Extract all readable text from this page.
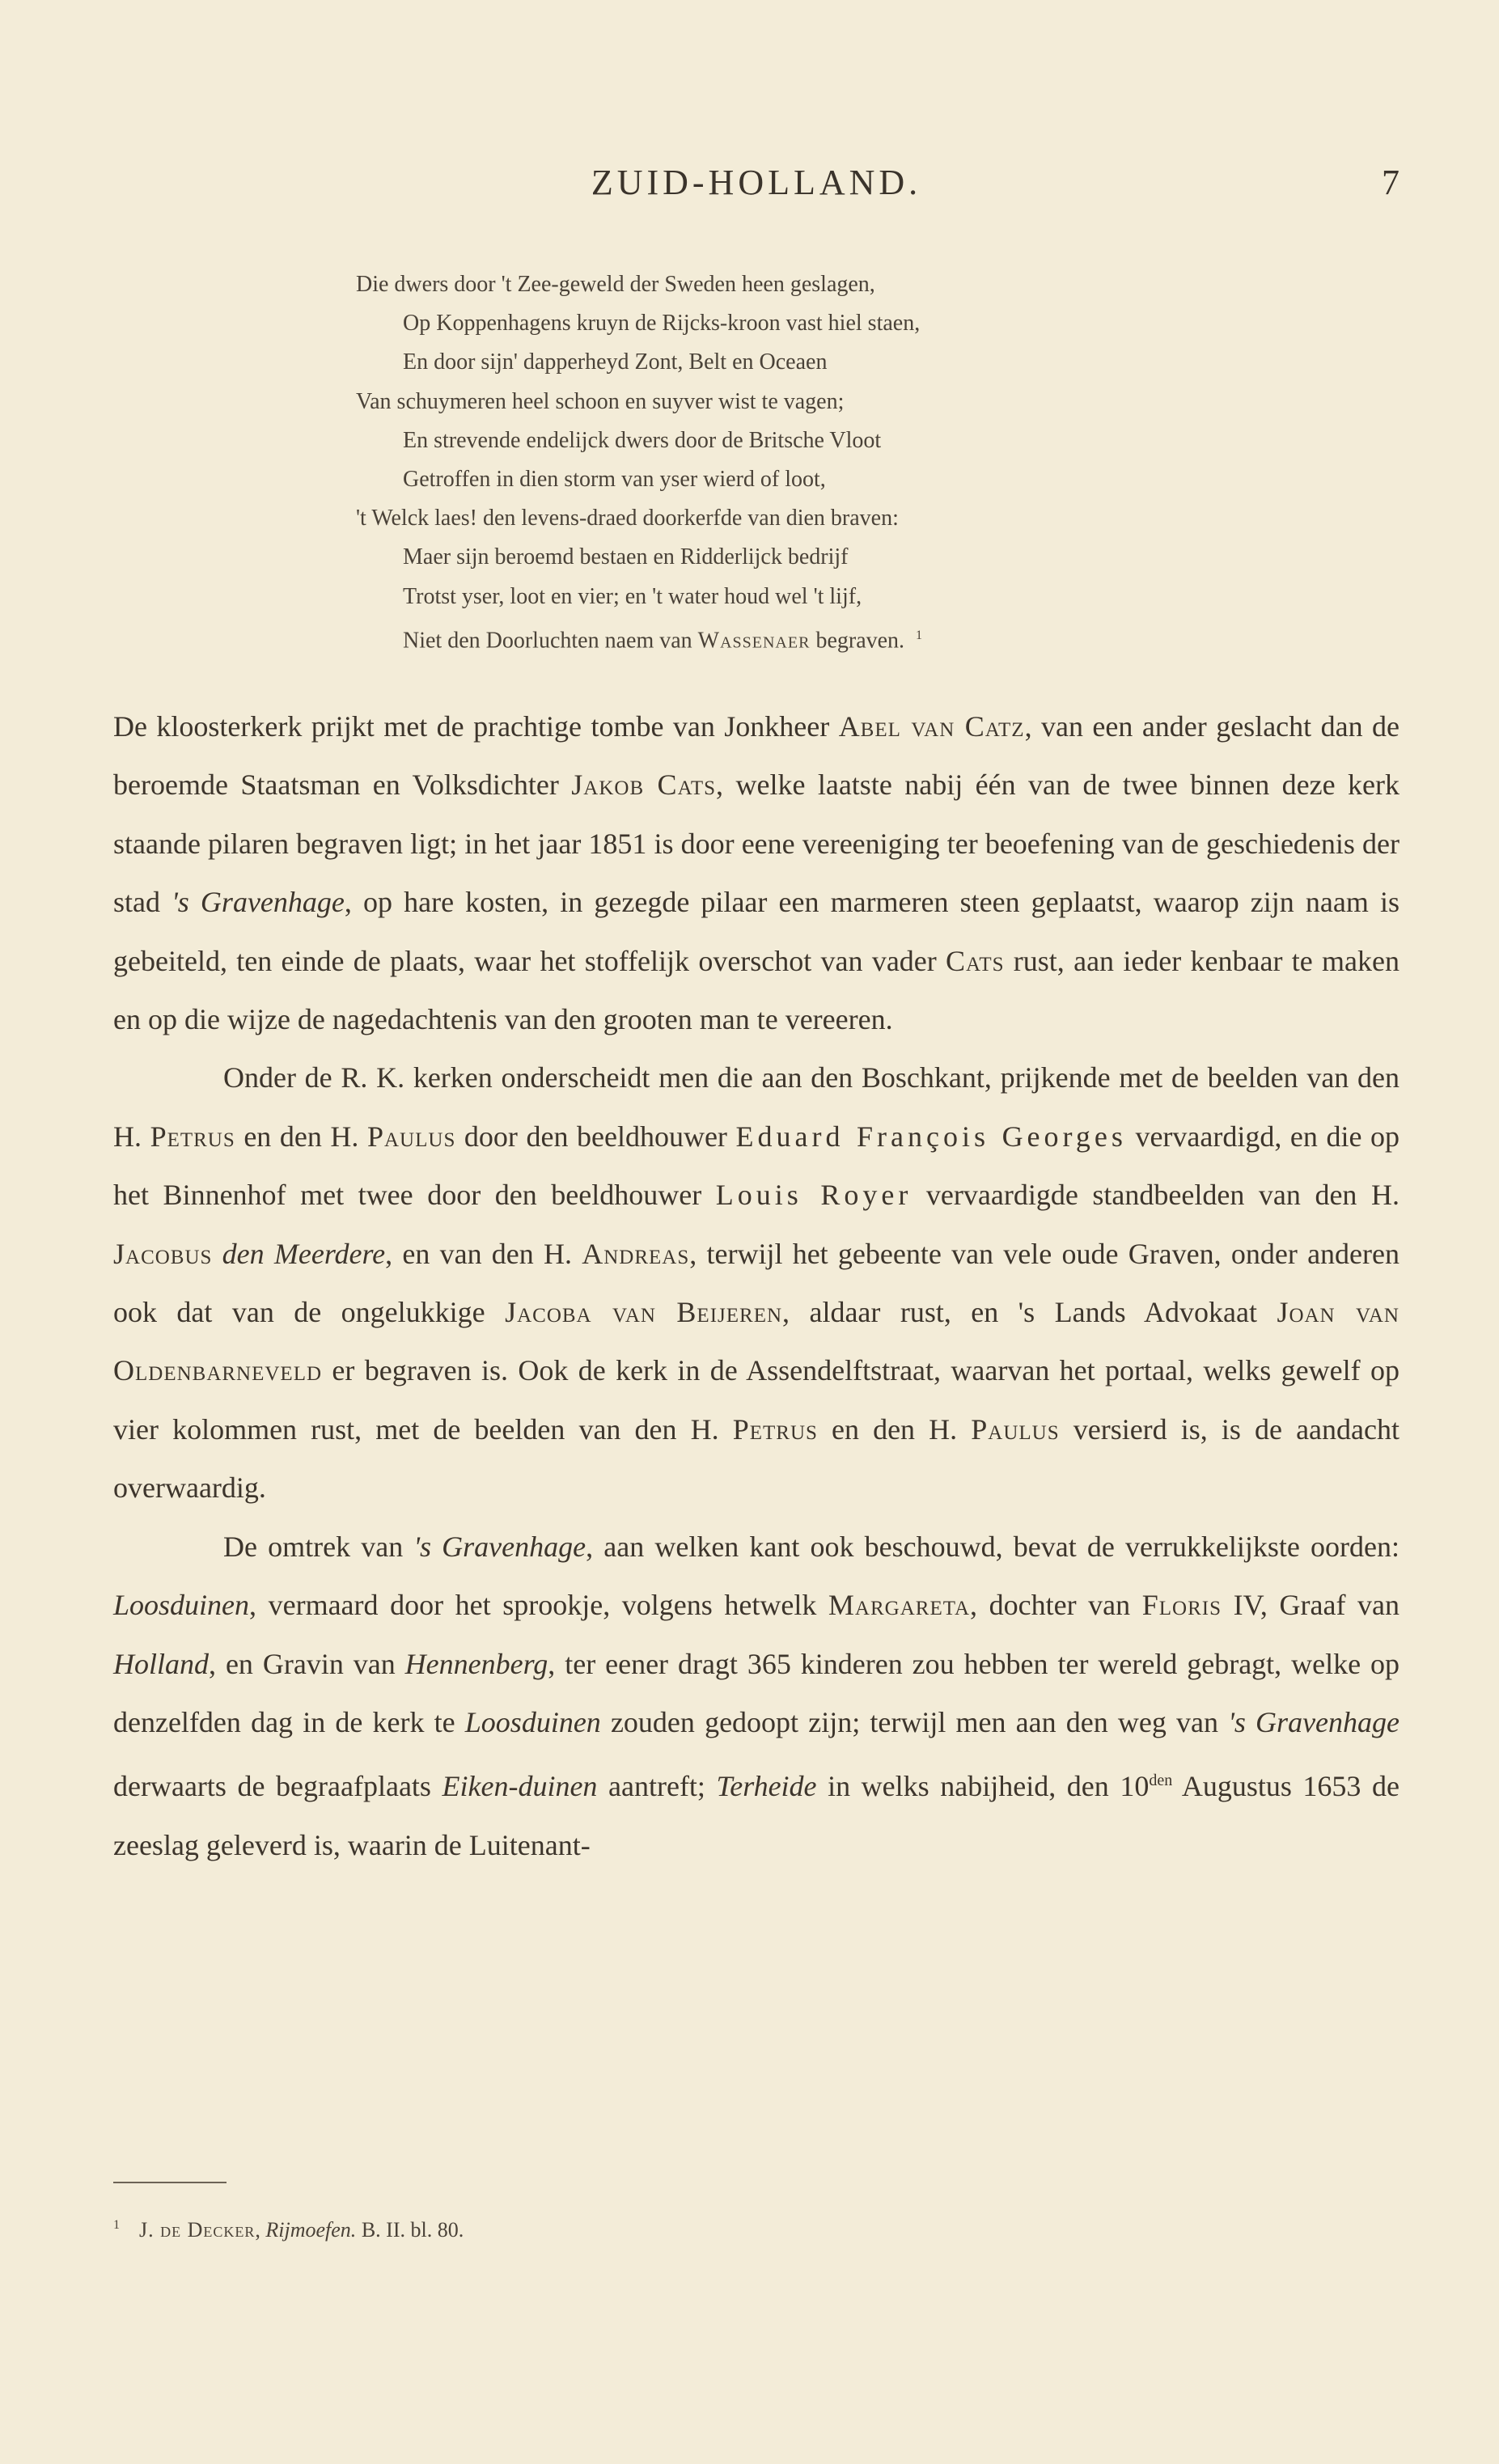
ZUID-HOLLAND.	7
Die dwers door 't Zee-geweld der Sweden heen geslagen,
Op Koppenhagens kruyn de Rijcks-kroon vast hiel staen,
En door sijn' dapperheyd Zont, Belt en Oceaen
Van schuymeren heel schoon en suyver wist te vagen;
En strevende endelijck dwers door de Britsche Vloot
Getroffen in dien storm van yser wierd of loot,
't Welck laes! den levens-draed doorkerfde van dien braven:
Maer sijn beroemd bestaen en Ridderlijck bedrijf
Trotst yser, loot en vier; en 't water houd wel 't lijf,
Niet den Doorluchten naem van Wassenaer begraven. $^1$

De kloosterkerk prijkt met de prachtige tombe van Jonkheer Abel van Catz, van een ander geslacht dan de beroemde Staatsman en Volksdichter Jakob Cats, welke laatste nabij één van de twee binnen deze kerk staande pilaren begraven ligt; in het jaar 1851 is door eene vereeniging ter beoefening van de geschiedenis der stad 's Gravenhage, op hare kosten, in gezegde pilaar een marmeren steen geplaatst, waarop zijn naam is gebeiteld, ten einde de plaats, waar het stoffelijk overschot van vader Cats rust, aan ieder kenbaar te maken en op die wijze de nagedachtenis van den grooten man te vereeren.

Onder de R. K. kerken onderscheidt men die aan den Boschkant, prijkende met de beelden van den H. Petrus en den H. Paulus door den beeldhouwer Eduard François Georges vervaardigd, en die op het Binnenhof met twee door den beeldhouwer Louis Royer vervaardigde standbeelden van den H. Jacobus den Meerdere, en van den H. Andreas, terwijl het gebeente van vele oude Graven, onder anderen ook dat van de ongelukkige Jacoba van Beijeren, aldaar rust, en 's Lands Advokaat Joan van Oldenbarneveld er begraven is. Ook de kerk in de Assendelftstraat, waarvan het portaal, welks gewelf op vier kolommen rust, met de beelden van den H. Petrus en den H. Paulus versierd is, is de aandacht overwaardig.

De omtrek van 's Gravenhage, aan welken kant ook beschouwd, bevat de verrukkelijkste oorden: Loosduinen, vermaard door het sprookje, volgens hetwelk Margareta, dochter van Floris IV, Graaf van Holland, en Gravin van Hennenberg, ter eener dragt 365 kinderen zou hebben ter wereld gebragt, welke op denzelfden dag in de kerk te Loosduinen zouden gedoopt zijn; terwijl men aan den weg van 's Gravenhage derwaarts de begraafplaats Eiken-duinen aantreft; Terheide in welks nabijheid, den $10^{den}$ Augustus 1653 de zeeslag geleverd is, waarin de Luitenant-

$^1$ J. de Decker, Rijmoefen. B. II. bl. 80.
